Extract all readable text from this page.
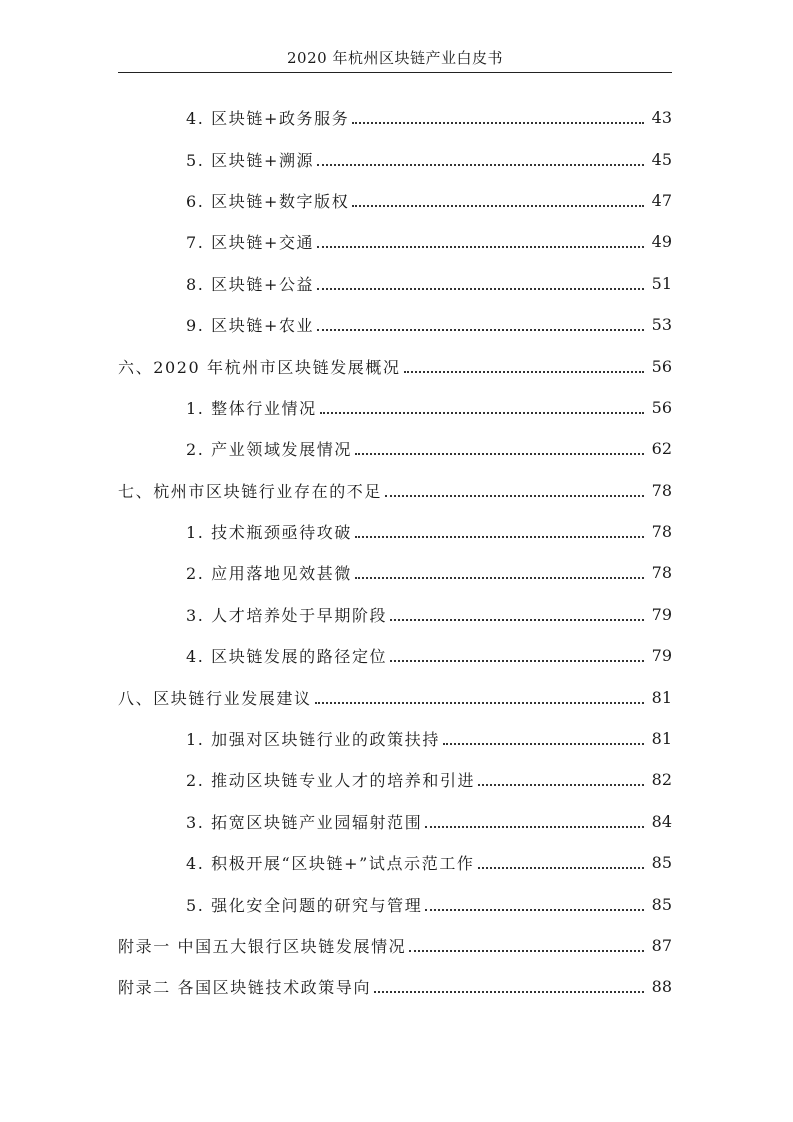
2020 年杭州区块链产业白皮书
4. 区块链+政务服务	43
5. 区块链+溯源	45
6. 区块链+数字版权	47
7. 区块链+交通	49
8. 区块链+公益	51
9. 区块链+农业	53
六、2020 年杭州市区块链发展概况	56
1. 整体行业情况	56
2. 产业领域发展情况	62
七、杭州市区块链行业存在的不足	78
1. 技术瓶颈亟待攻破	78
2. 应用落地见效甚微	78
3. 人才培养处于早期阶段	79
4. 区块链发展的路径定位	79
八、区块链行业发展建议	81
1. 加强对区块链行业的政策扶持	81
2. 推动区块链专业人才的培养和引进	82
3. 拓宽区块链产业园辐射范围	84
4. 积极开展“区块链+”试点示范工作	85
5. 强化安全问题的研究与管理	85
附录一 中国五大银行区块链发展情况	87
附录二 各国区块链技术政策导向	88
